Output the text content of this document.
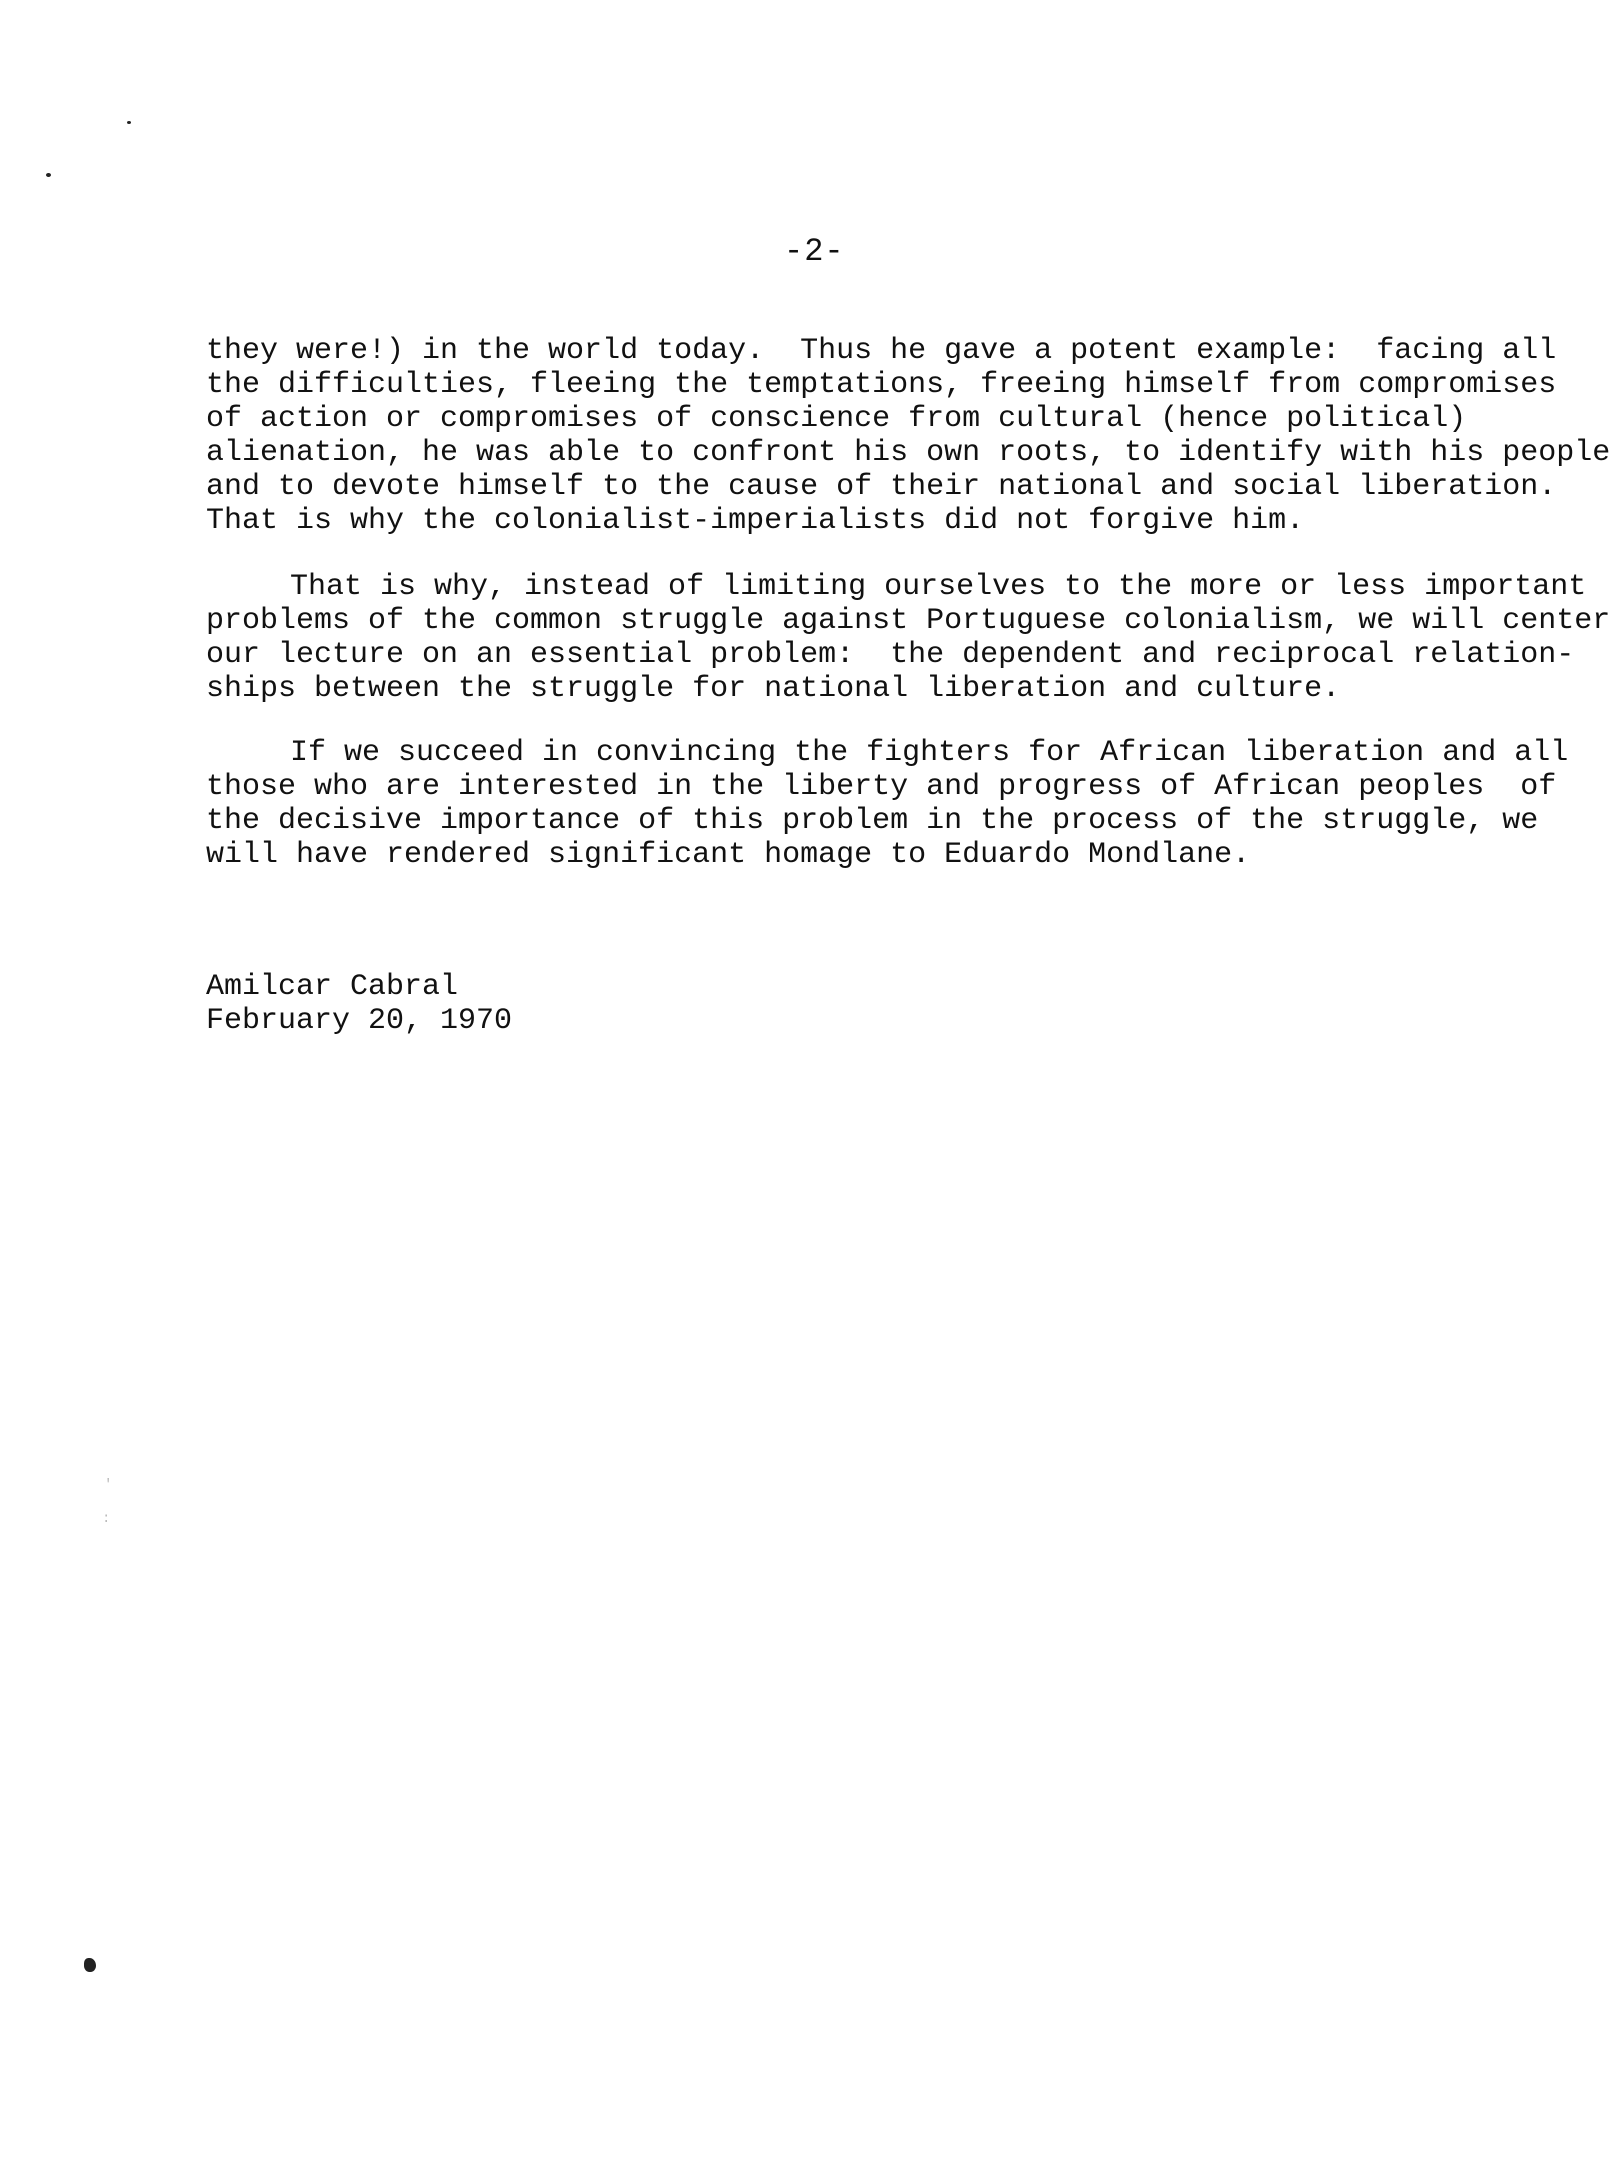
-2-
they were!) in the world today.  Thus he gave a potent example:  facing all
the difficulties, fleeing the temptations, freeing himself from compromises
of action or compromises of conscience from cultural (hence political)
alienation, he was able to confront his own roots, to identify with his people
and to devote himself to the cause of their national and social liberation.
That is why the colonialist-imperialists did not forgive him.
That is why, instead of limiting ourselves to the more or less important
problems of the common struggle against Portuguese colonialism, we will center
our lecture on an essential problem:  the dependent and reciprocal relation-
ships between the struggle for national liberation and culture.
If we succeed in convincing the fighters for African liberation and all
those who are interested in the liberty and progress of African peoples  of
the decisive importance of this problem in the process of the struggle, we
will have rendered significant homage to Eduardo Mondlane.
Amilcar Cabral
February 20, 1970
'
:
